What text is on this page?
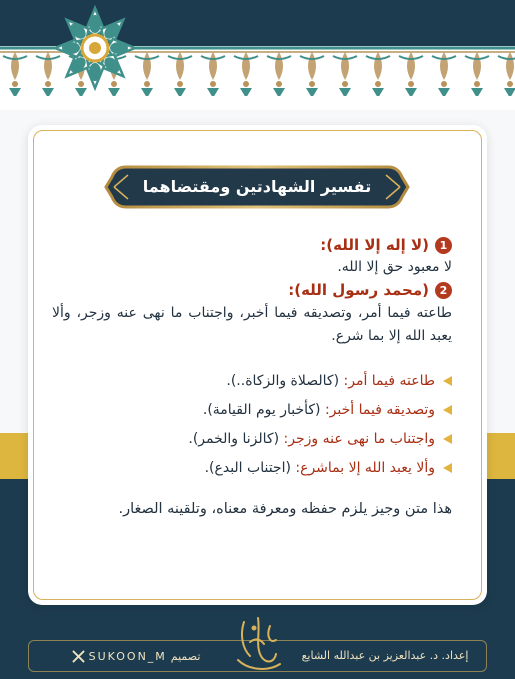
تفسير الشهادتين ومقتضاهما
1
(لا إله إلا الله):
لا معبود حق إلا الله.
2
(محمد رسول الله):
طاعته فيما أمر، وتصديقه فيما أخبر، واجتناب ما نهى عنه وزجر، وألا يعبد الله إلا بما شرع.
طاعته فيما أمر: (كالصلاة والزكاة..).
وتصديقه فيما أخبر: (كأخبار يوم القيامة).
واجتناب ما نهى عنه وزجر: (كالزنا والخمر).
وألا يعبد الله إلا بماشرع: (اجتناب البدع).
هذا متن وجيز يلزم حفظه ومعرفة معناه، وتلقينه الصغار.
إعداد. د. عبدالعزيز بن عبدالله الشايع
تصميم
SUKOON_M
